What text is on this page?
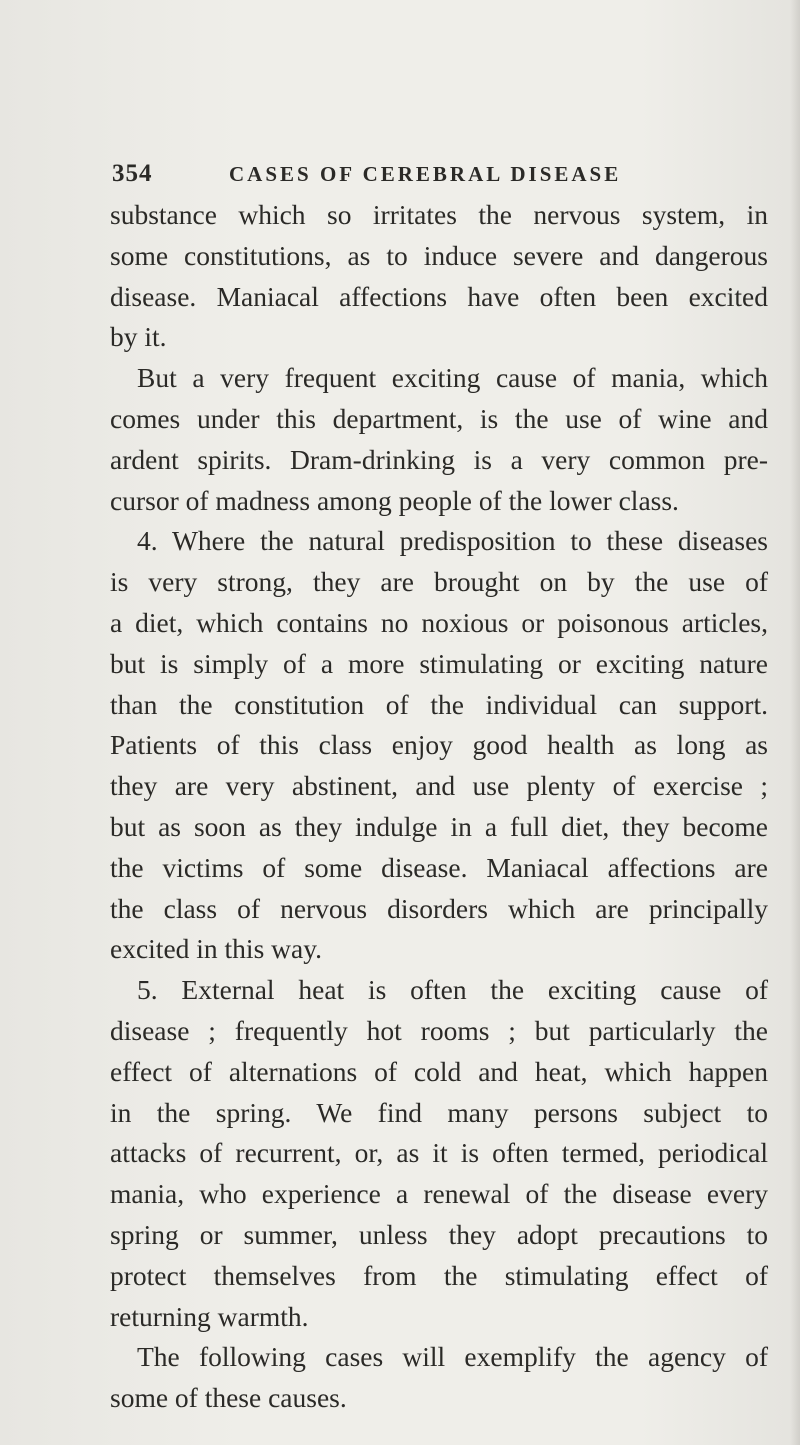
354	CASES OF CEREBRAL DISEASE
substance which so irritates the nervous system, in
some constitutions, as to induce severe and dangerous
disease. Maniacal affections have often been excited
by it.
But a very frequent exciting cause of mania, which
comes under this department, is the use of wine and
ardent spirits. Dram-drinking is a very common pre-
cursor of madness among people of the lower class.
4. Where the natural predisposition to these diseases
is very strong, they are brought on by the use of
a diet, which contains no noxious or poisonous articles,
but is simply of a more stimulating or exciting nature
than the constitution of the individual can support.
Patients of this class enjoy good health as long as
they are very abstinent, and use plenty of exercise ;
but as soon as they indulge in a full diet, they become
the victims of some disease. Maniacal affections are
the class of nervous disorders which are principally
excited in this way.
5. External heat is often the exciting cause of
disease ; frequently hot rooms ; but particularly the
effect of alternations of cold and heat, which happen
in the spring. We find many persons subject to
attacks of recurrent, or, as it is often termed, periodical
mania, who experience a renewal of the disease every
spring or summer, unless they adopt precautions to
protect themselves from the stimulating effect of
returning warmth.
The following cases will exemplify the agency of
some of these causes.
